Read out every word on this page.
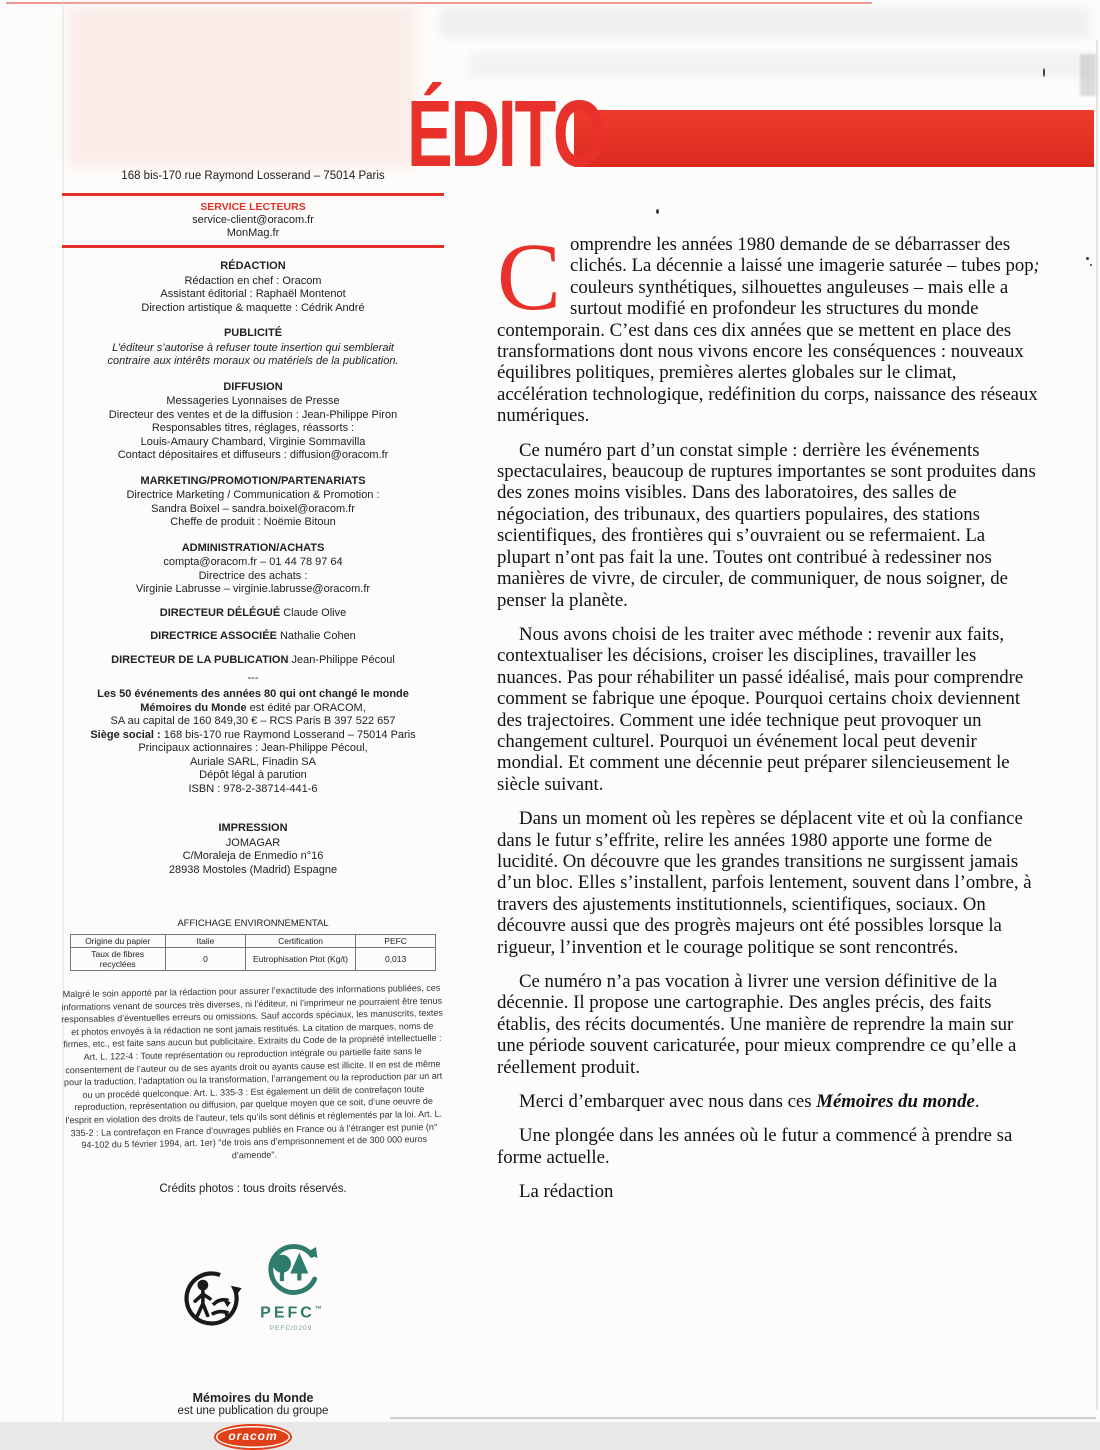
ÉDITO
168 bis-170 rue Raymond Losserand – 75014 Paris
SERVICE LECTEURS
service-client@oracom.fr
MonMag.fr
RÉDACTION
Rédaction en chef : Oracom
Assistant éditorial : Raphaël Montenot
Direction artistique & maquette : Cédrik André
PUBLICITÉ
L’éditeur s’autorise à refuser toute insertion qui semblerait
contraire aux intérêts moraux ou matériels de la publication.
DIFFUSION
Messageries Lyonnaises de Presse
Directeur des ventes et de la diffusion : Jean-Philippe Piron
Responsables titres, réglages, réassorts :
Louis-Amaury Chambard, Virginie Sommavilla
Contact dépositaires et diffuseurs : diffusion@oracom.fr
MARKETING/PROMOTION/PARTENARIATS
Directrice Marketing / Communication & Promotion :
Sandra Boixel – sandra.boixel@oracom.fr
Cheffe de produit : Noëmie Bitoun
ADMINISTRATION/ACHATS
compta@oracom.fr – 01 44 78 97 64
Directrice des achats :
Virginie Labrusse – virginie.labrusse@oracom.fr
DIRECTEUR DÉLÉGUÉ Claude Olive
DIRECTRICE ASSOCIÉE Nathalie Cohen
DIRECTEUR DE LA PUBLICATION Jean-Philippe Pécoul
---
Les 50 événements des années 80 qui ont changé le monde
Mémoires du Monde est édité par ORACOM,
SA au capital de 160 849,30 € – RCS Paris B 397 522 657
Siège social : 168 bis-170 rue Raymond Losserand – 75014 Paris
Principaux actionnaires : Jean-Philippe Pécoul,
Auriale SARL, Finadin SA
Dépôt légal à parution
ISBN : 978-2-38714-441-6
IMPRESSION
JOMAGAR
C/Moraleja de Enmedio n°16
28938 Mostoles (Madrid) Espagne
AFFICHAGE ENVIRONNEMENTAL
Origine du papier	Italie	Certification	PEFC
Taux de fibres recyclées	0	Eutrophisation Ptot (Kg/t)	0,013
Malgré le soin apporté par la rédaction pour assurer l’exactitude des informations publiées, ces informations venant de sources très diverses, ni l’éditeur, ni l’imprimeur ne pourraient être tenus responsables d’éventuelles erreurs ou omissions. Sauf accords spéciaux, les manuscrits, textes et photos envoyés à la rédaction ne sont jamais restitués. La citation de marques, noms de firmes, etc., est faite sans aucun but publicitaire. Extraits du Code de la propriété intellectuelle : Art. L. 122-4 : Toute représentation ou reproduction intégrale ou partielle faite sans le consentement de l’auteur ou de ses ayants droit ou ayants cause est illicite. Il en est de même pour la traduction, l’adaptation ou la transformation, l’arrangement ou la reproduction par un art ou un procédé quelconque. Art. L. 335-3 : Est également un délit de contrefaçon toute reproduction, représentation ou diffusion, par quelque moyen que ce soit, d’une oeuvre de l’esprit en violation des droits de l’auteur, tels qu’ils sont définis et réglementés par la loi. Art. L. 335-2 : La contrefaçon en France d’ouvrages publiés en France ou à l’étranger est punie (n° 94-102 du 5 février 1994, art. 1er) "de trois ans d’emprisonnement et de 300 000 euros d’amende".
Crédits photos : tous droits réservés.
PEFC™
PEFC/0209
Mémoires du Monde
est une publication du groupe
oracom

Comprendre les années 1980 demande de se débarrasser des clichés. La décennie a laissé une imagerie saturée – tubes pop, couleurs synthétiques, silhouettes anguleuses – mais elle a surtout modifié en profondeur les structures du monde contemporain. C’est dans ces dix années que se mettent en place des transformations dont nous vivons encore les conséquences : nouveaux équilibres politiques, premières alertes globales sur le climat, accélération technologique, redéfinition du corps, naissance des réseaux numériques.

Ce numéro part d’un constat simple : derrière les événements spectaculaires, beaucoup de ruptures importantes se sont produites dans des zones moins visibles. Dans des laboratoires, des salles de négociation, des tribunaux, des quartiers populaires, des stations scientifiques, des frontières qui s’ouvraient ou se refermaient. La plupart n’ont pas fait la une. Toutes ont contribué à redessiner nos manières de vivre, de circuler, de communiquer, de nous soigner, de penser la planète.

Nous avons choisi de les traiter avec méthode : revenir aux faits, contextualiser les décisions, croiser les disciplines, travailler les nuances. Pas pour réhabiliter un passé idéalisé, mais pour comprendre comment se fabrique une époque. Pourquoi certains choix deviennent des trajectoires. Comment une idée technique peut provoquer un changement culturel. Pourquoi un événement local peut devenir mondial. Et comment une décennie peut préparer silencieusement le siècle suivant.

Dans un moment où les repères se déplacent vite et où la confiance dans le futur s’effrite, relire les années 1980 apporte une forme de lucidité. On découvre que les grandes transitions ne surgissent jamais d’un bloc. Elles s’installent, parfois lentement, souvent dans l’ombre, à travers des ajustements institutionnels, scientifiques, sociaux. On découvre aussi que des progrès majeurs ont été possibles lorsque la rigueur, l’invention et le courage politique se sont rencontrés.

Ce numéro n’a pas vocation à livrer une version définitive de la décennie. Il propose une cartographie. Des angles précis, des faits établis, des récits documentés. Une manière de reprendre la main sur une période souvent caricaturée, pour mieux comprendre ce qu’elle a réellement produit.

Merci d’embarquer avec nous dans ces Mémoires du monde.

Une plongée dans les années où le futur a commencé à prendre sa forme actuelle.

La rédaction
